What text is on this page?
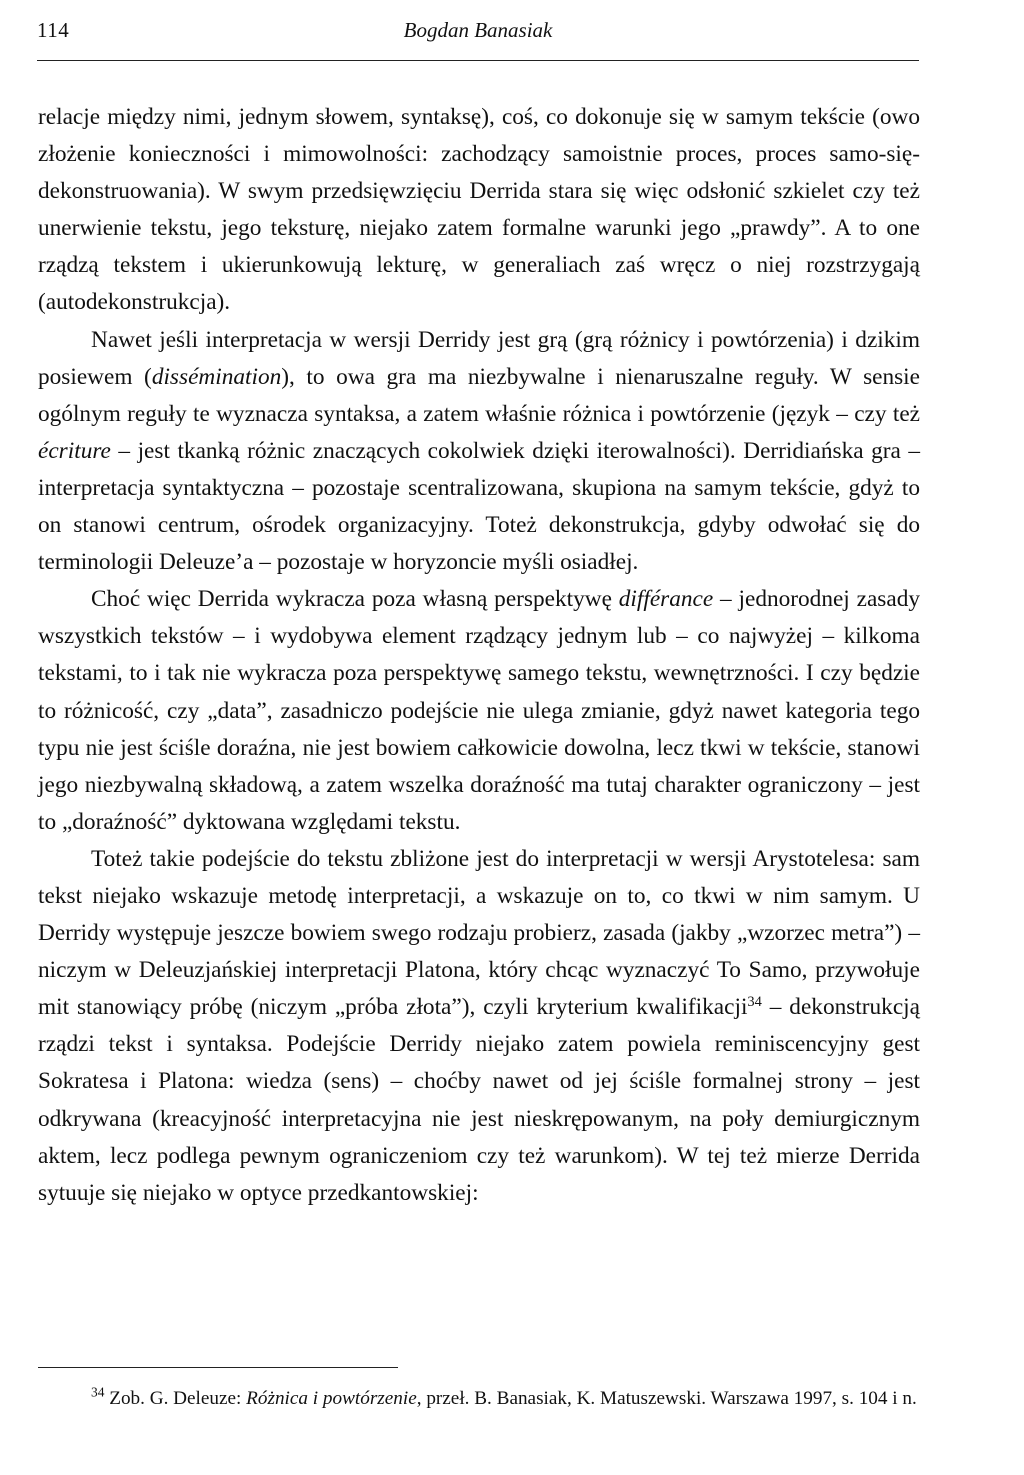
114	Bogdan Banasiak

relacje między nimi, jednym słowem, syntaksę), coś, co dokonuje się w samym tekście (owo złożenie konieczności i mimowolności: zachodzący samoistnie proces, proces samo-się-dekonstruowania). W swym przedsięwzięciu Derrida stara się więc odsłonić szkielet czy też unerwienie tekstu, jego teksturę, niejako zatem formalne warunki jego „prawdy”. A to one rządzą tekstem i ukierunkowują lekturę, w generaliach zaś wręcz o niej rozstrzygają (autodekonstrukcja).

Nawet jeśli interpretacja w wersji Derridy jest grą (grą różnicy i powtórzenia) i dzikim posiewem (dissémination), to owa gra ma niezbywalne i nienaruszalne reguły. W sensie ogólnym reguły te wyznacza syntaksa, a zatem właśnie różnica i powtórzenie (język – czy też écriture – jest tkanką różnic znaczących cokolwiek dzięki iterowalności). Derridiańska gra – interpretacja syntaktyczna – pozostaje scentralizowana, skupiona na samym tekście, gdyż to on stanowi centrum, ośrodek organizacyjny. Toteż dekonstrukcja, gdyby odwołać się do terminologii Deleuze’a – pozostaje w horyzoncie myśli osiadłej.

Choć więc Derrida wykracza poza własną perspektywę différance – jednorodnej zasady wszystkich tekstów – i wydobywa element rządzący jednym lub – co najwyżej – kilkoma tekstami, to i tak nie wykracza poza perspektywę samego tekstu, wewnętrzności. I czy będzie to różnicość, czy „data”, zasadniczo podejście nie ulega zmianie, gdyż nawet kategoria tego typu nie jest ściśle doraźna, nie jest bowiem całkowicie dowolna, lecz tkwi w tekście, stanowi jego niezbywalną składową, a zatem wszelka doraźność ma tutaj charakter ograniczony – jest to „doraźność” dyktowana względami tekstu.

Toteż takie podejście do tekstu zbliżone jest do interpretacji w wersji Arystotelesa: sam tekst niejako wskazuje metodę interpretacji, a wskazuje on to, co tkwi w nim samym. U Derridy występuje jeszcze bowiem swego rodzaju probierz, zasada (jakby „wzorzec metra”) – niczym w Deleuzjańskiej interpretacji Platona, który chcąc wyznaczyć To Samo, przywołuje mit stanowiący próbę (niczym „próba złota”), czyli kryterium kwalifikacji$^{34}$ – dekonstrukcją rządzi tekst i syntaksa. Podejście Derridy niejako zatem powiela reminiscencyjny gest Sokratesa i Platona: wiedza (sens) – choćby nawet od jej ściśle formalnej strony – jest odkrywana (kreacyjność interpretacyjna nie jest nieskrępowanym, na poły demiurgicznym aktem, lecz podlega pewnym ograniczeniom czy też warunkom). W tej też mierze Derrida sytuuje się niejako w optyce przedkantowskiej:

$^{34}$ Zob. G. Deleuze: Różnica i powtórzenie, przeł. B. Banasiak, K. Matuszewski. Warszawa 1997, s. 104 i n.
